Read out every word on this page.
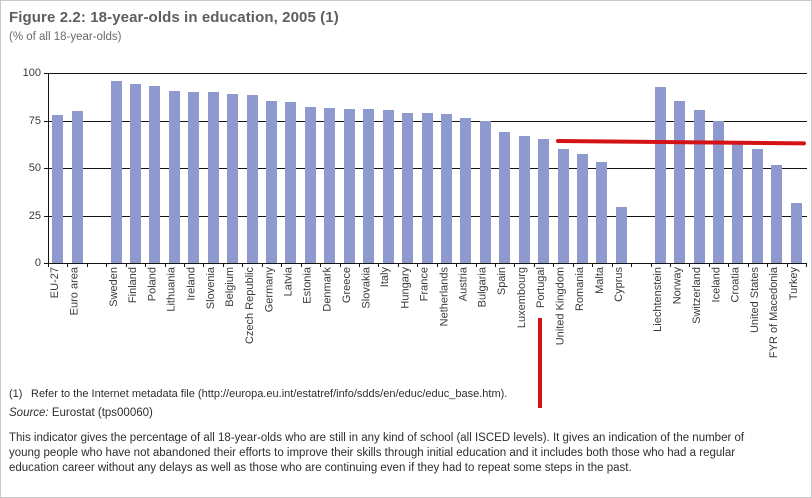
Figure 2.2: 18-year-olds in education, 2005 (1)
(% of all 18-year-olds)
0
25
50
75
100
EU-27 Euro area Sweden Finland Poland Lithuania Ireland Slovenia Belgium Czech Republic Germany Latvia Estonia Denmark Greece Slovakia Italy Hungary France Netherlands Austria Bulgaria Spain Luxembourg Portugal United Kingdom Romania Malta Cyprus Liechtenstein Norway Switzerland Iceland Croatia United States FYR of Macedonia Turkey
(1) Refer to the Internet metadata file (http://europa.eu.int/estatref/info/sdds/en/educ/educ_base.htm).
Source: Eurostat (tps00060)
This indicator gives the percentage of all 18-year-olds who are still in any kind of school (all ISCED levels). It gives an indication of the number of young people who have not abandoned their efforts to improve their skills through initial education and it includes both those who had a regular education career without any delays as well as those who are continuing even if they had to repeat some steps in the past.
